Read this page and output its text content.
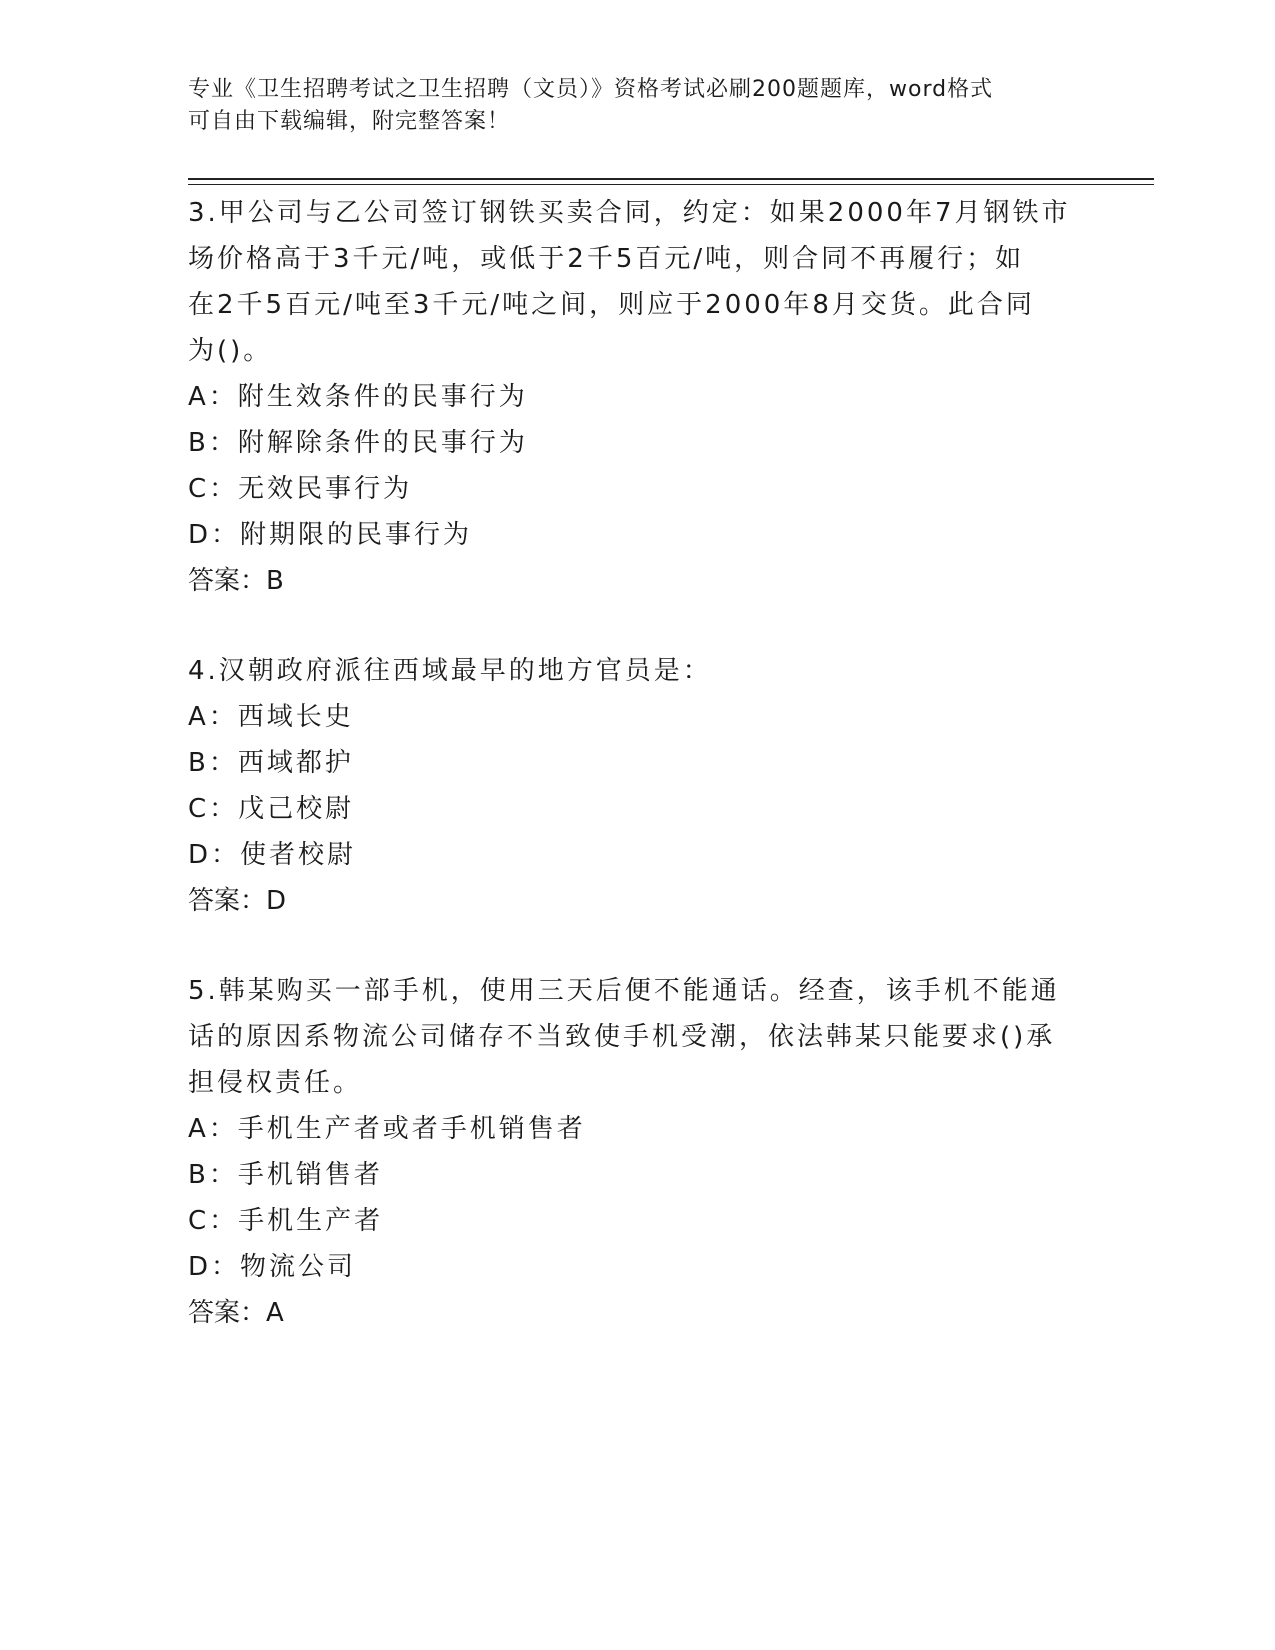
专业《卫生招聘考试之卫生招聘（文员）》资格考试必刷200题题库，word格式
可自由下载编辑，附完整答案！
3.甲公司与乙公司签订钢铁买卖合同，约定：如果2000年7月钢铁市
场价格高于3千元/吨，或低于2千5百元/吨，则合同不再履行；如
在2千5百元/吨至3千元/吨之间，则应于2000年8月交货。此合同
为()。
A：附生效条件的民事行为
B：附解除条件的民事行为
C：无效民事行为
D：附期限的民事行为
答案：B
4.汉朝政府派往西域最早的地方官员是：
A：西域长史
B：西域都护
C：戊己校尉
D：使者校尉
答案：D
5.韩某购买一部手机，使用三天后便不能通话。经查，该手机不能通
话的原因系物流公司储存不当致使手机受潮，依法韩某只能要求()承
担侵权责任。
A：手机生产者或者手机销售者
B：手机销售者
C：手机生产者
D：物流公司
答案：A
